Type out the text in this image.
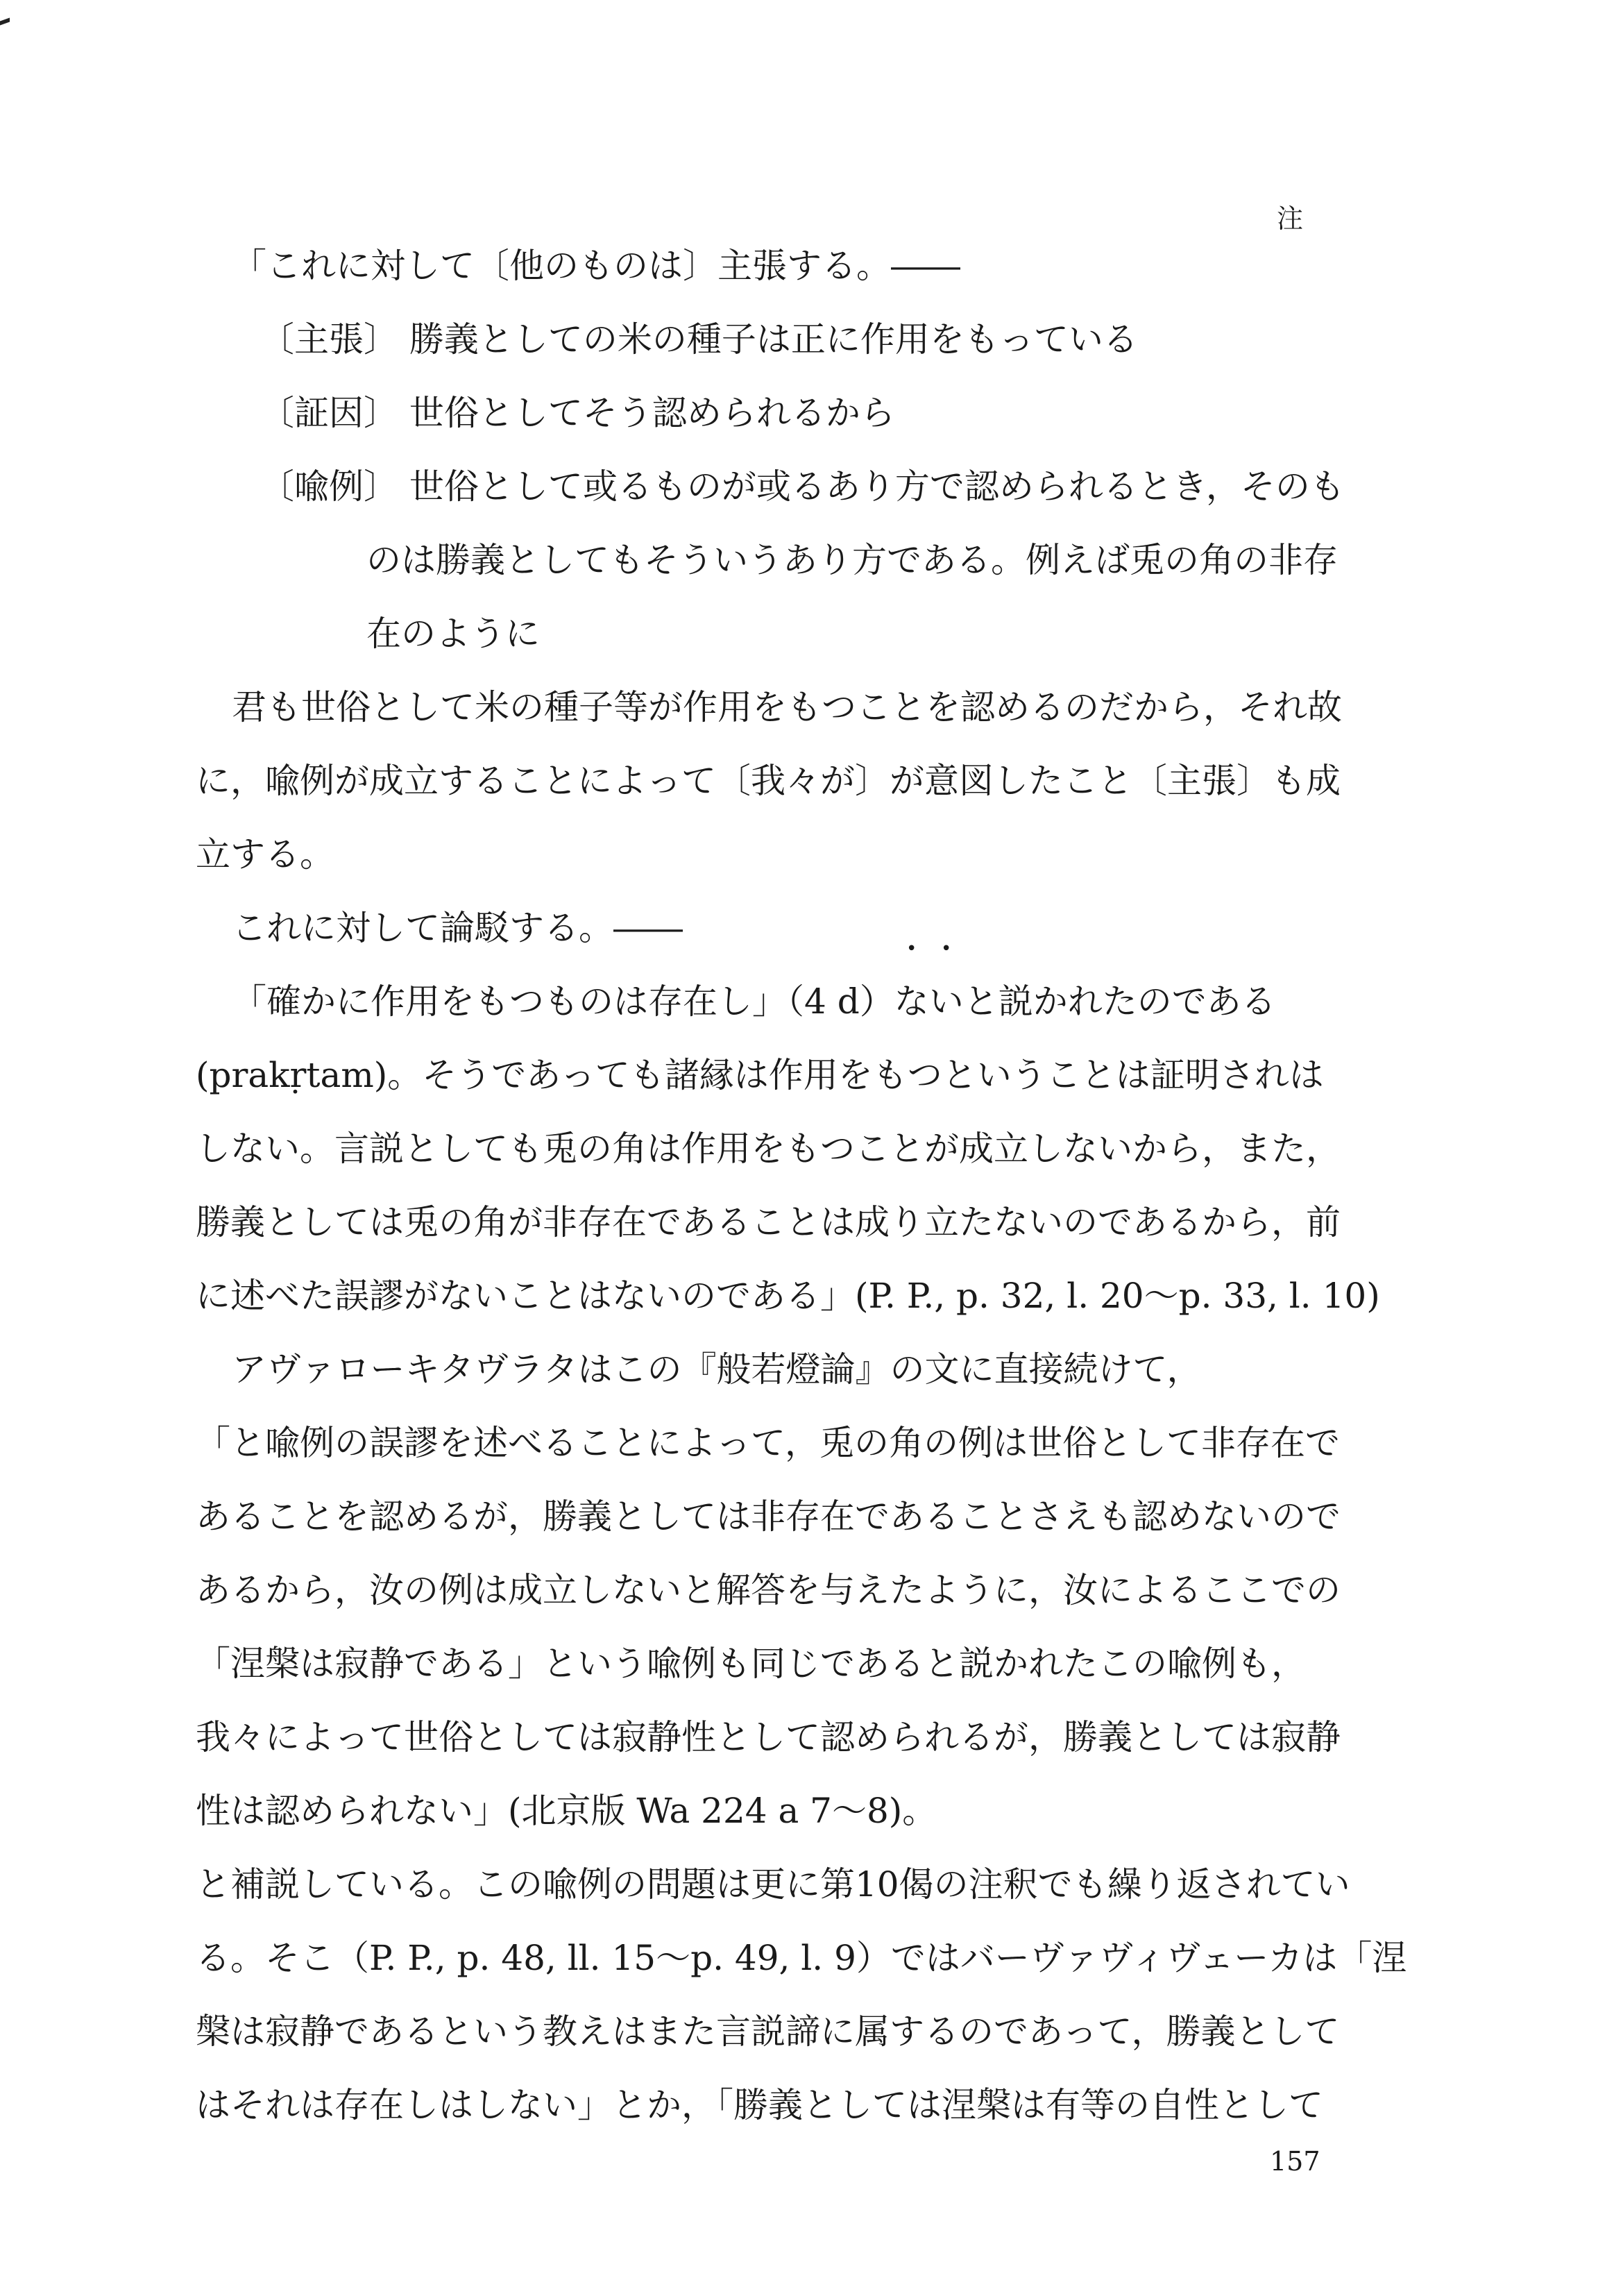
注
「これに対して〔他のものは〕主張する。――
〔主張〕 勝義としての米の種子は正に作用をもっている
〔証因〕 世俗としてそう認められるから
〔喩例〕 世俗として或るものが或るあり方で認められるとき，そのも
のは勝義としてもそういうあり方である。例えば兎の角の非存
在のように
君も世俗として米の種子等が作用をもつことを認めるのだから，それ故
に，喩例が成立することによって〔我々が〕が意図したこと〔主張〕も成
立する。
これに対して論駁する。――
「確かに作用をもつものは存在し」（4 d）ないと説かれたのである
(prakṛtam)。そうであっても諸縁は作用をもつということは証明されは
しない。言説としても兎の角は作用をもつことが成立しないから，また，
勝義としては兎の角が非存在であることは成り立たないのであるから，前
に述べた誤謬がないことはないのである」(P. P., p. 32, l. 20～p. 33, l. 10)
アヴァローキタヴラタはこの『般若燈論』の文に直接続けて，
「と喩例の誤謬を述べることによって，兎の角の例は世俗として非存在で
あることを認めるが，勝義としては非存在であることさえも認めないので
あるから，汝の例は成立しないと解答を与えたように，汝によるここでの
「涅槃は寂静である」という喩例も同じであると説かれたこの喩例も，
我々によって世俗としては寂静性として認められるが，勝義としては寂静
性は認められない」(北京版 Wa 224 a 7～8)。
と補説している。この喩例の問題は更に第10偈の注釈でも繰り返されてい
る。そこ（P. P., p. 48, ll. 15～p. 49, l. 9）ではバーヴァヴィヴェーカは「涅
槃は寂静であるという教えはまた言説諦に属するのであって，勝義として
はそれは存在しはしない」とか，「勝義としては涅槃は有等の自性として
157
